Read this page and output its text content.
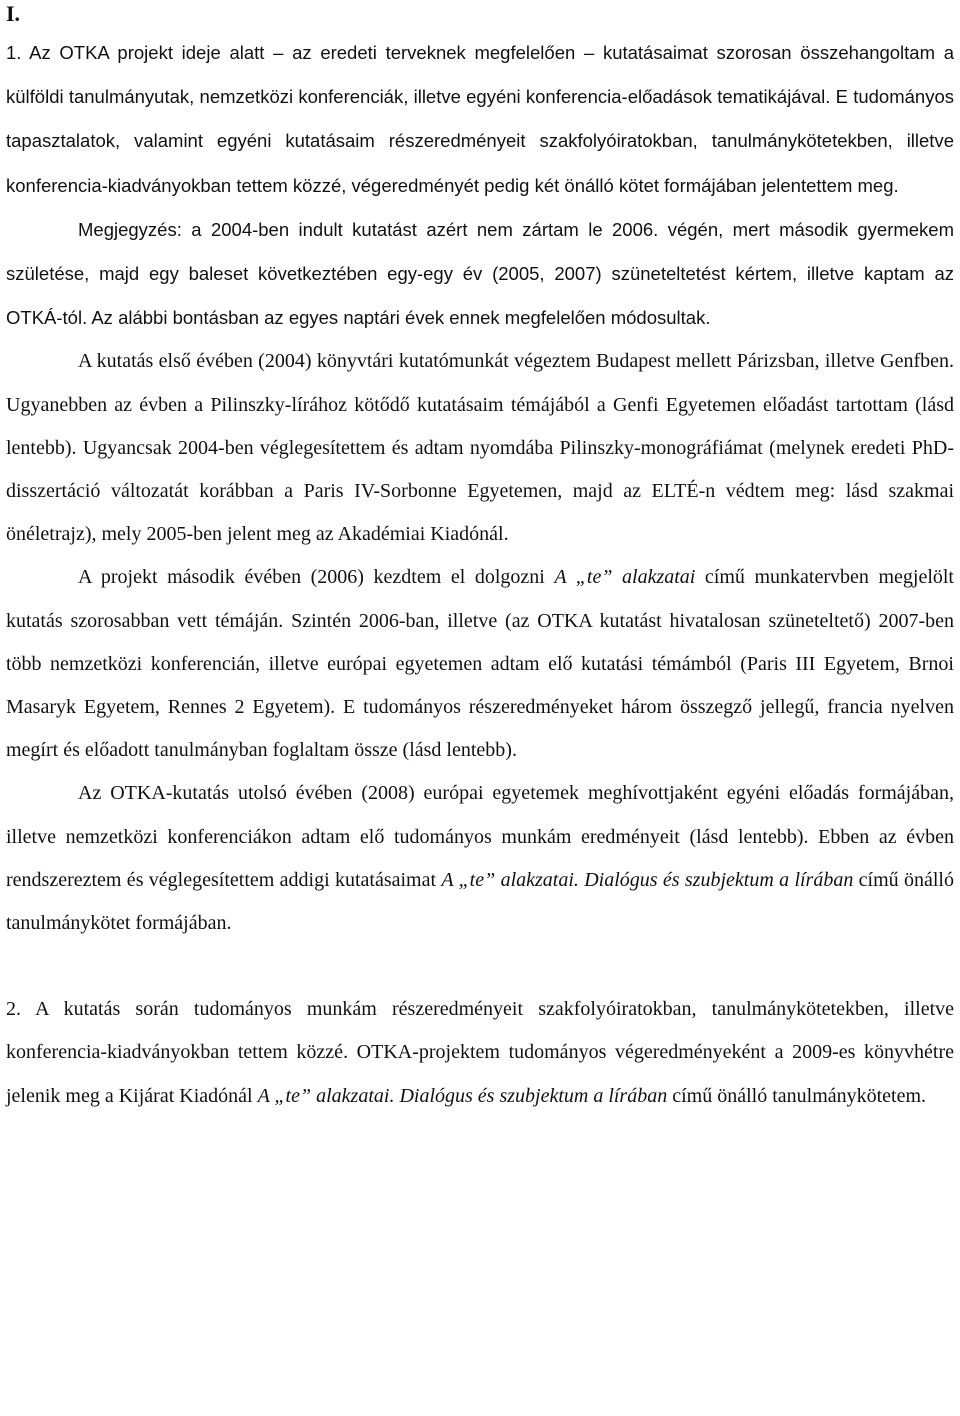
I.

1. Az OTKA projekt ideje alatt – az eredeti terveknek megfelelően – kutatásaimat szorosan összehangoltam a külföldi tanulmányutak, nemzetközi konferenciák, illetve egyéni konferencia-előadások tematikájával. E tudományos tapasztalatok, valamint egyéni kutatásaim részeredményeit szakfolyóiratokban, tanulmánykötetekben, illetve konferencia-kiadványokban tettem közzé, végeredményét pedig két önálló kötet formájában jelentettem meg.

Megjegyzés: a 2004-ben indult kutatást azért nem zártam le 2006. végén, mert második gyermekem születése, majd egy baleset következtében egy-egy év (2005, 2007) szüneteltetést kértem, illetve kaptam az OTKÁ-tól. Az alábbi bontásban az egyes naptári évek ennek megfelelően módosultak.

A kutatás első évében (2004) könyvtári kutatómunkát végeztem Budapest mellett Párizsban, illetve Genfben. Ugyanebben az évben a Pilinszky-lírához kötődő kutatásaim témájából a Genfi Egyetemen előadást tartottam (lásd lentebb). Ugyancsak 2004-ben véglegesítettem és adtam nyomdába Pilinszky-monográfiámat (melynek eredeti PhD-disszertáció változatát korábban a Paris IV-Sorbonne Egyetemen, majd az ELTÉ-n védtem meg: lásd szakmai önéletrajz), mely 2005-ben jelent meg az Akadémiai Kiadónál.

A projekt második évében (2006) kezdtem el dolgozni A „te” alakzatai című munkatervben megjelölt kutatás szorosabban vett témáján. Szintén 2006-ban, illetve (az OTKA kutatást hivatalosan szüneteltető) 2007-ben több nemzetközi konferencián, illetve európai egyetemen adtam elő kutatási témámból (Paris III Egyetem, Brnoi Masaryk Egyetem, Rennes 2 Egyetem). E tudományos részeredményeket három összegző jellegű, francia nyelven megírt és előadott tanulmányban foglaltam össze (lásd lentebb).

Az OTKA-kutatás utolsó évében (2008) európai egyetemek meghívottjaként egyéni előadás formájában, illetve nemzetközi konferenciákon adtam elő tudományos munkám eredményeit (lásd lentebb). Ebben az évben rendszereztem és véglegesítettem addigi kutatásaimat A „te” alakzatai. Dialógus és szubjektum a lírában című önálló tanulmánykötet formájában.

2. A kutatás során tudományos munkám részeredményeit szakfolyóiratokban, tanulmánykötetekben, illetve konferencia-kiadványokban tettem közzé. OTKA-projektem tudományos végeredményeként a 2009-es könyvhétre jelenik meg a Kijárat Kiadónál A „te” alakzatai. Dialógus és szubjektum a lírában című önálló tanulmánykötetem.
